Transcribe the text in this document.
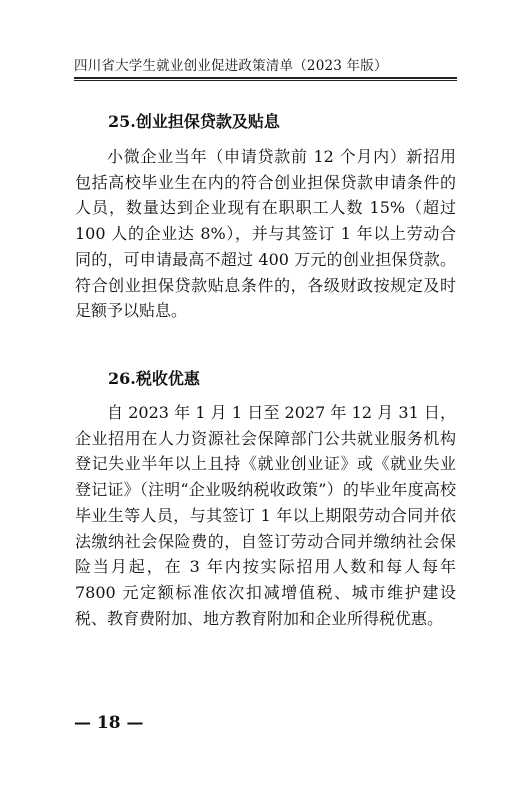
四川省大学生就业创业促进政策清单（2023 年版）
25.创业担保贷款及贴息

小微企业当年（申请贷款前 12 个月内）新招用包括高校毕业生在内的符合创业担保贷款申请条件的人员，数量达到企业现有在职职工人数 15%（超过 100 人的企业达 8%），并与其签订 1 年以上劳动合同的，可申请最高不超过 400 万元的创业担保贷款。符合创业担保贷款贴息条件的，各级财政按规定及时足额予以贴息。

26.税收优惠

自 2023 年 1 月 1 日至 2027 年 12 月 31 日，企业招用在人力资源社会保障部门公共就业服务机构登记失业半年以上且持《就业创业证》或《就业失业登记证》（注明“企业吸纳税收政策”）的毕业年度高校毕业生等人员，与其签订 1 年以上期限劳动合同并依法缴纳社会保险费的，自签订劳动合同并缴纳社会保险当月起，在 3 年内按实际招用人数和每人每年 7800 元定额标准依次扣减增值税、城市维护建设税、教育费附加、地方教育附加和企业所得税优惠。

— 18 —
